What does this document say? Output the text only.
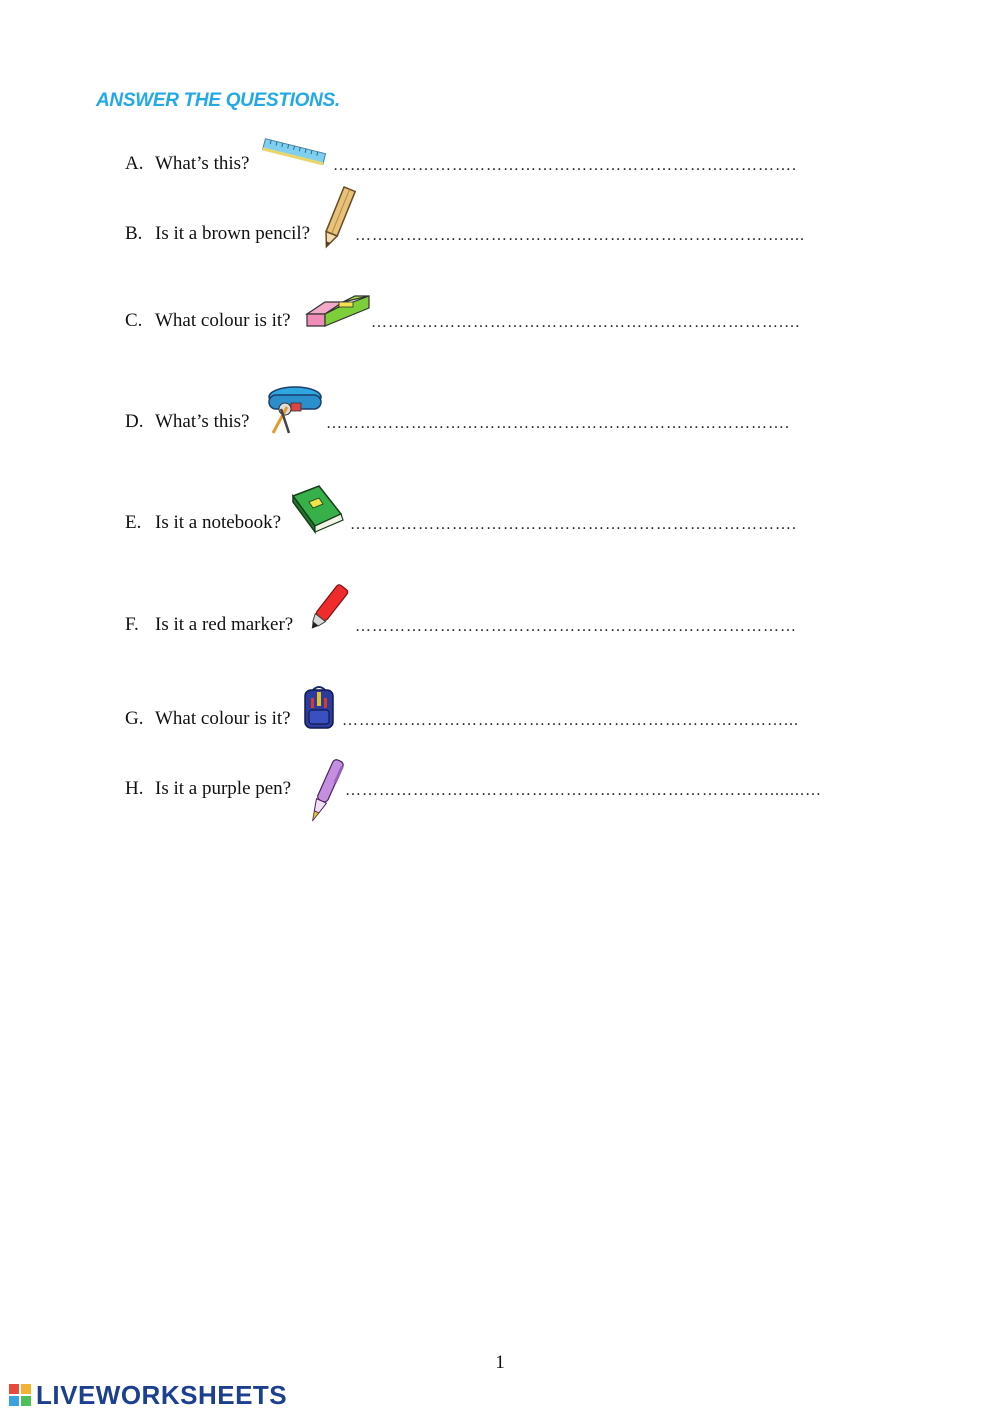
ANSWER THE QUESTIONS.
A. What’s this?	……………………………………………………………………….
B. Is it a brown pencil?	……………………………………………………………….…....
C. What colour is it?	……………………………………………………………….…
D. What’s this?	……………………………………………………………………….
E. Is it a notebook?	…………………………………………………………………….
F. Is it a red marker?	……………………………………………………………………
G. What colour is it?	……………………………………………………………………...
H. Is it a purple pen?	………………………………………………………………….......…
1
LIVEWORKSHEETS
